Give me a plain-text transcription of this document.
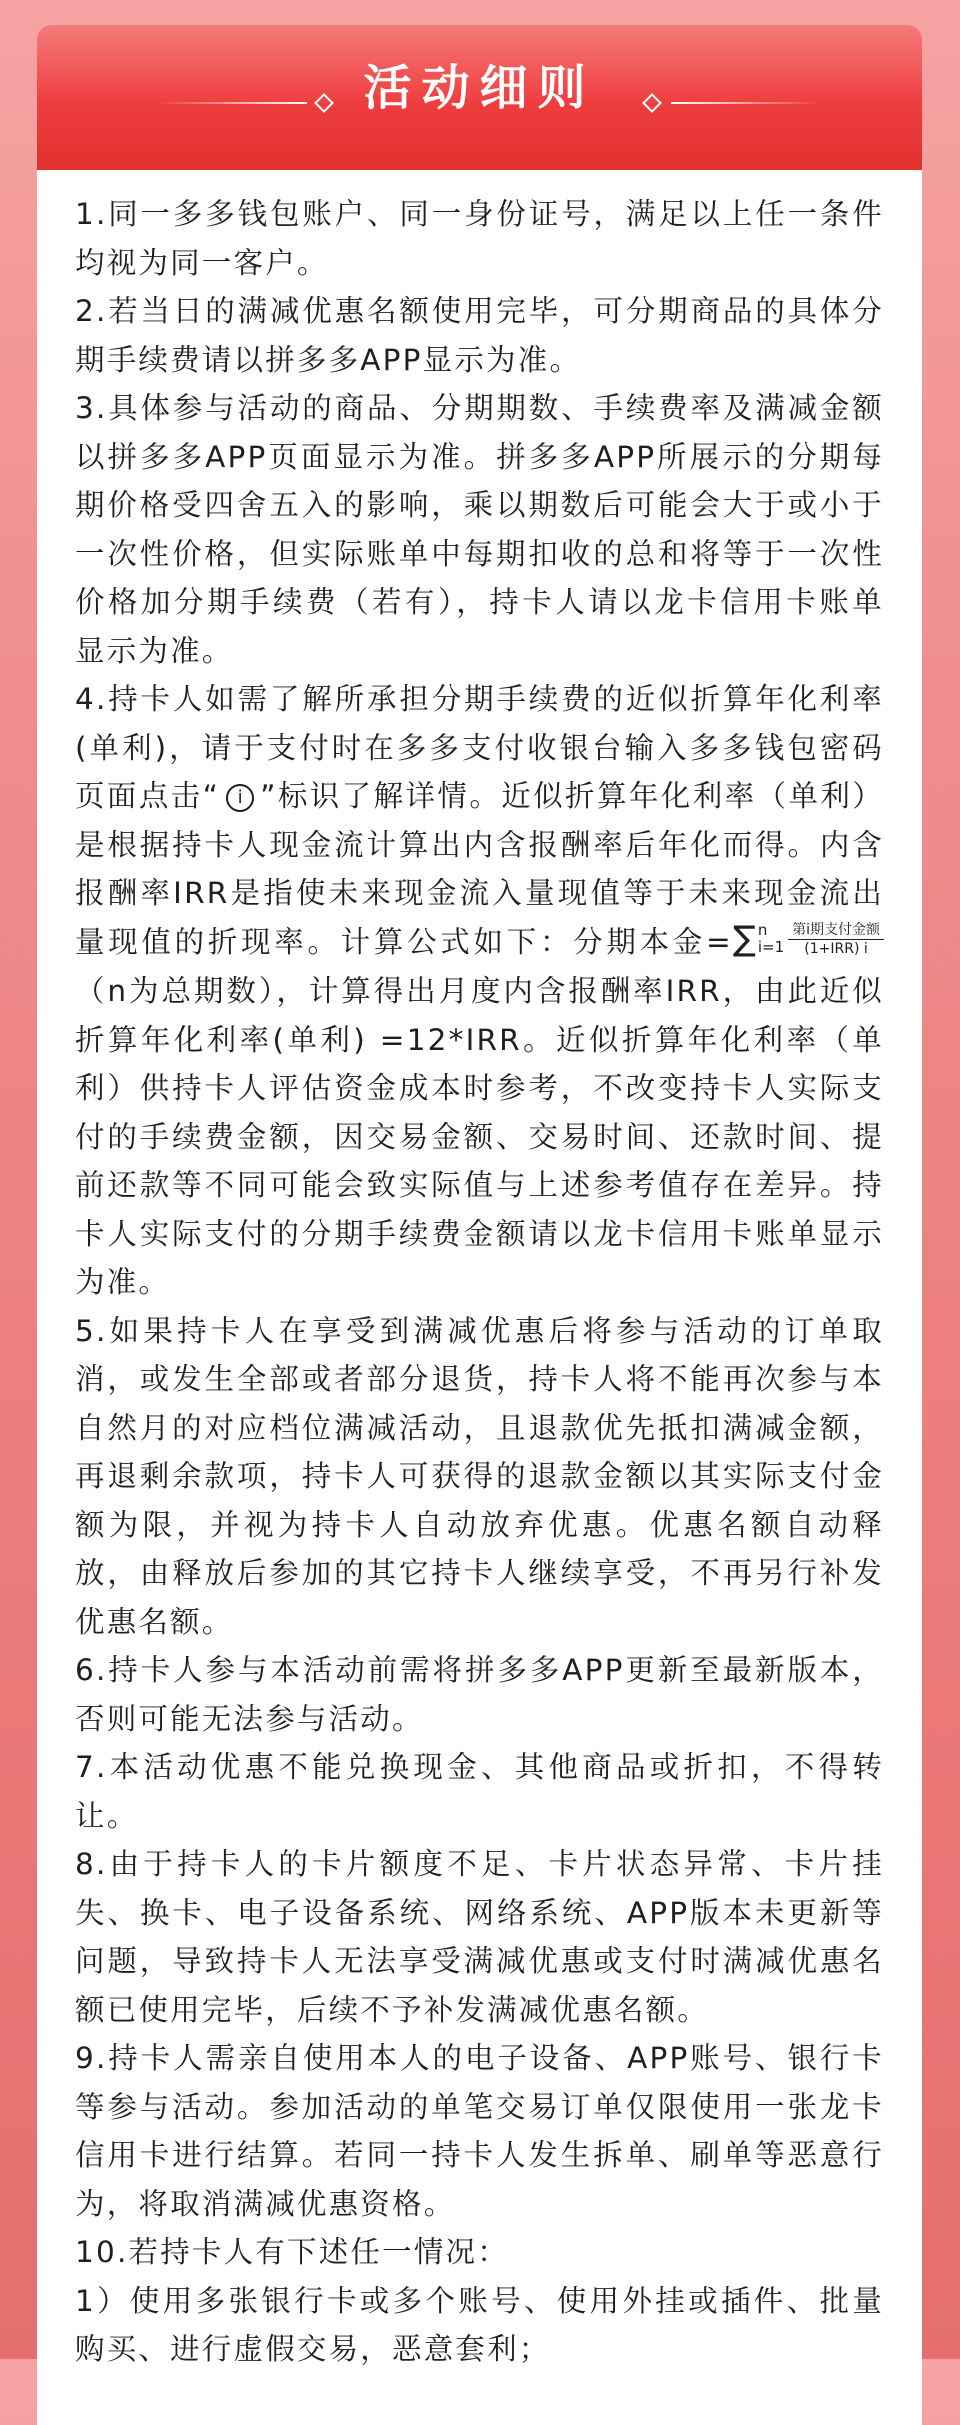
活动细则

1.同一多多钱包账户、同一身份证号，满足以上任一条件均视为同一客户。

2.若当日的满减优惠名额使用完毕，可分期商品的具体分期手续费请以拼多多APP显示为准。

3.具体参与活动的商品、分期期数、手续费率及满减金额以拼多多APP页面显示为准。拼多多APP所展示的分期每期价格受四舍五入的影响，乘以期数后可能会大于或小于一次性价格，但实际账单中每期扣收的总和将等于一次性价格加分期手续费（若有），持卡人请以龙卡信用卡账单显示为准。

4.持卡人如需了解所承担分期手续费的近似折算年化利率(单利)，请于支付时在多多支付收银台输入多多钱包密码页面点击“ i ”标识了解详情。近似折算年化利率（单利）是根据持卡人现金流计算出内含报酬率后年化而得。内含报酬率IRR是指使未来现金流入量现值等于未来现金流出量现值的折现率。计算公式如下：分期本金=∑ n
$i=1 \frac{\text{第i期支付金额}}{\text{(1+IRR) i}}$
（n为总期数），计算得出月度内含报酬率IRR，由此近似折算年化利率(单利) =12*IRR。近似折算年化利率（单利）供持卡人评估资金成本时参考，不改变持卡人实际支付的手续费金额，因交易金额、交易时间、还款时间、提前还款等不同可能会致实际值与上述参考值存在差异。持卡人实际支付的分期手续费金额请以龙卡信用卡账单显示为准。

5.如果持卡人在享受到满减优惠后将参与活动的订单取消，或发生全部或者部分退货，持卡人将不能再次参与本自然月的对应档位满减活动，且退款优先抵扣满减金额，再退剩余款项，持卡人可获得的退款金额以其实际支付金额为限，并视为持卡人自动放弃优惠。优惠名额自动释放，由释放后参加的其它持卡人继续享受，不再另行补发优惠名额。

6.持卡人参与本活动前需将拼多多APP更新至最新版本，否则可能无法参与活动。

7.本活动优惠不能兑换现金、其他商品或折扣，不得转让。

8.由于持卡人的卡片额度不足、卡片状态异常、卡片挂失、换卡、电子设备系统、网络系统、APP版本未更新等问题，导致持卡人无法享受满减优惠或支付时满减优惠名额已使用完毕，后续不予补发满减优惠名额。

9.持卡人需亲自使用本人的电子设备、APP账号、银行卡等参与活动。参加活动的单笔交易订单仅限使用一张龙卡信用卡进行结算。若同一持卡人发生拆单、刷单等恶意行为，将取消满减优惠资格。

10.若持卡人有下述任一情况：

1）使用多张银行卡或多个账号、使用外挂或插件、批量购买、进行虚假交易，恶意套利；
